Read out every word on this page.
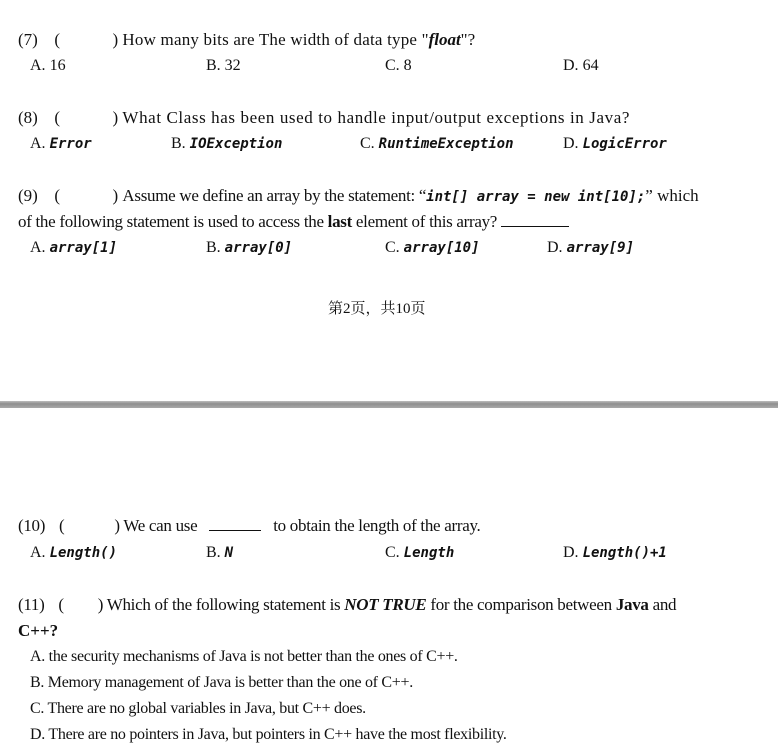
(7) (	) How many bits are The width of data type "float"?
A. 16	B. 32	C. 8	D. 64
(8) (	) What Class has been used to handle input/output exceptions in Java?
A. Error	B. IOException	C. RuntimeException	D. LogicError
(9) (	) Assume we define an array by the statement: “int[] array = new int[10];” which
of the following statement is used to access the last element of this array?
A. array[1]	B. array[0]	C. array[10]	D. array[9]
第2页，共10页
(10) (	) We can use	to obtain the length of the array.
A. Length()	B. N	C. Length	D. Length()+1
(11) ( ) Which of the following statement is NOT TRUE for the comparison between Java and
C++?
A. the security mechanisms of Java is not better than the ones of C++.
B. Memory management of Java is better than the one of C++.
C. There are no global variables in Java, but C++ does.
D. There are no pointers in Java, but pointers in C++ have the most flexibility.
